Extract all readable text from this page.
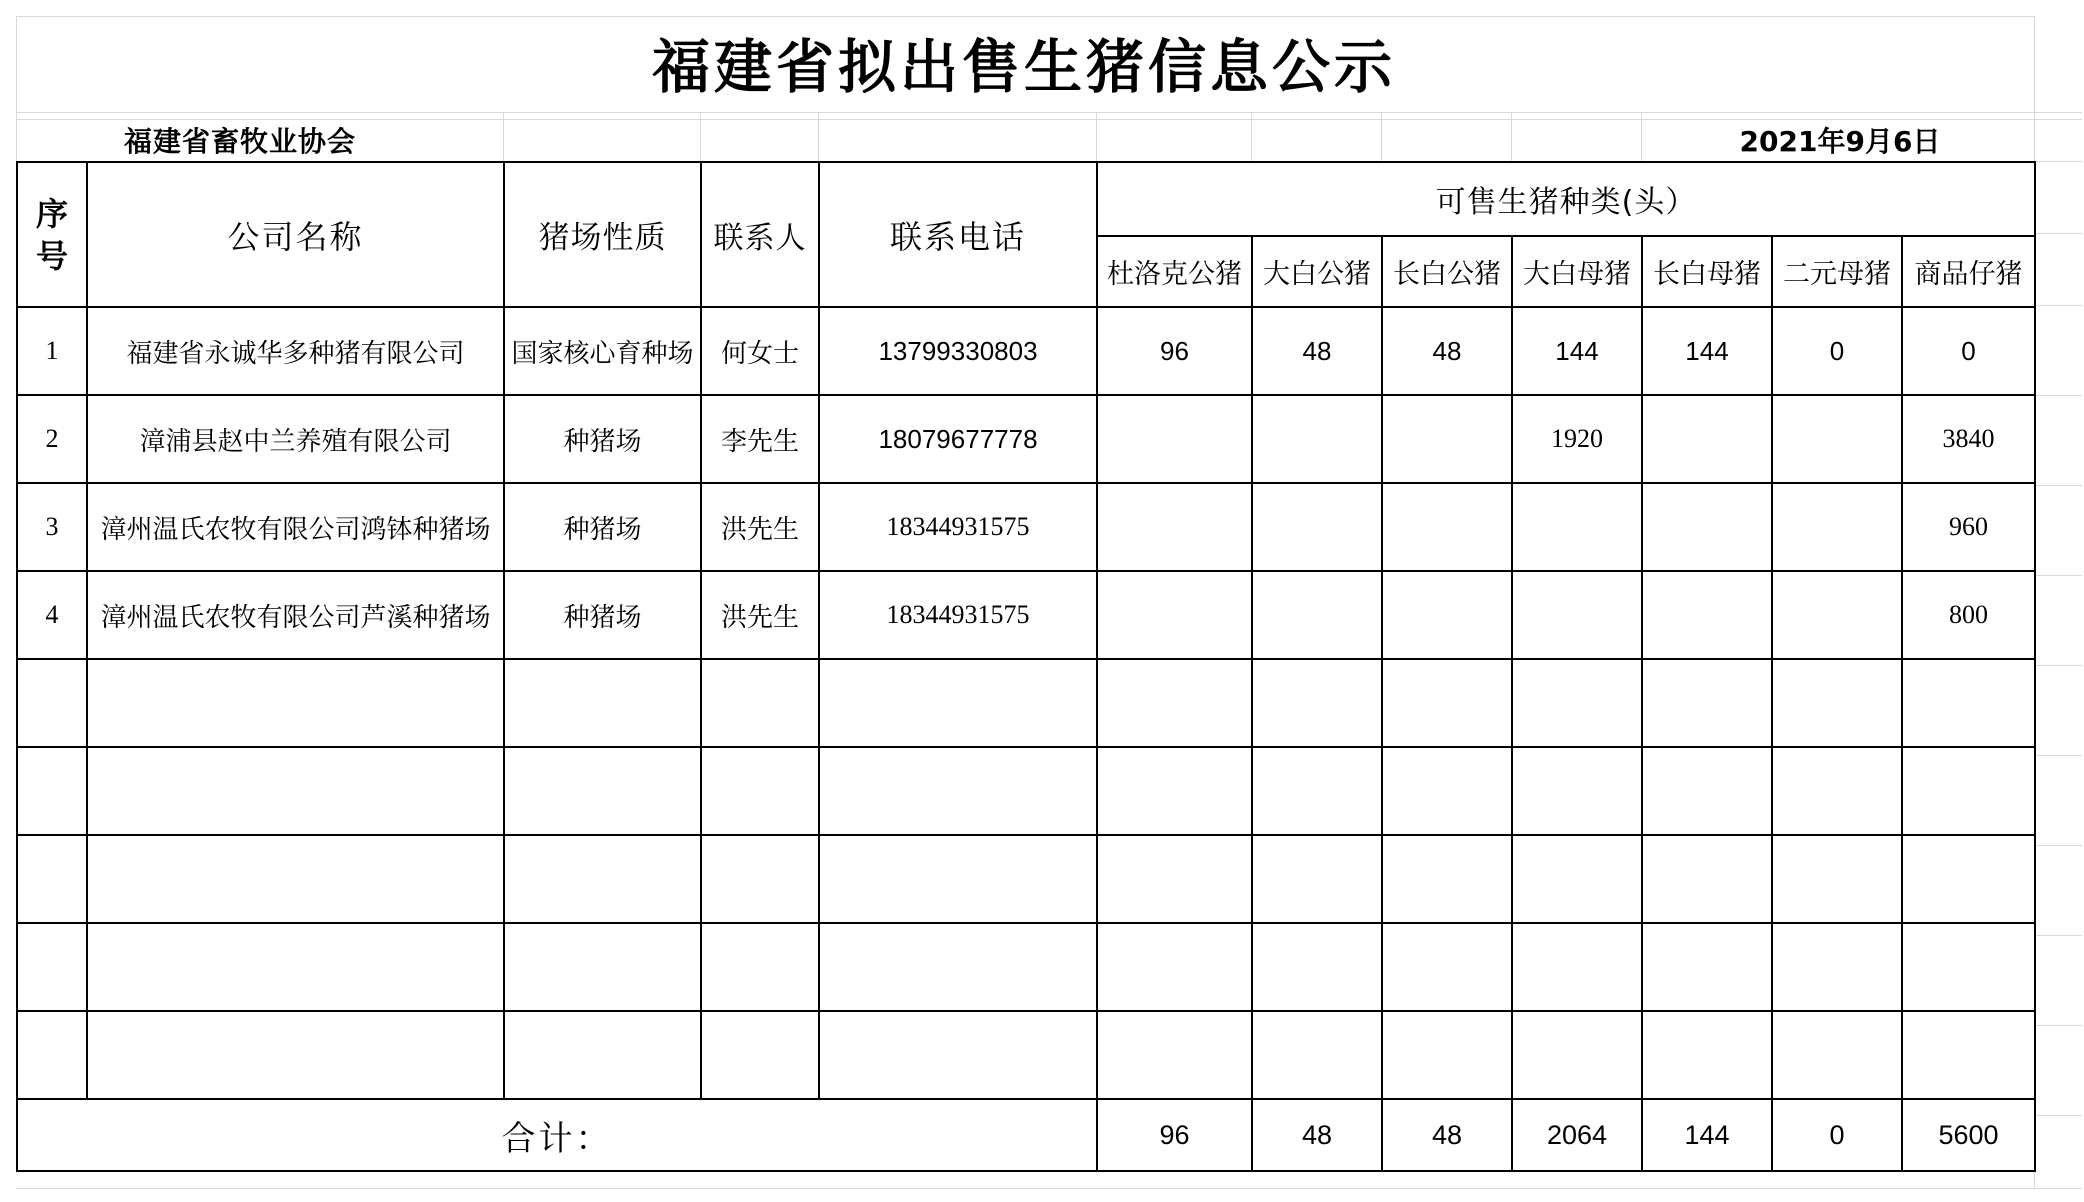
福建省拟出售生猪信息公示
福建省畜牧业协会	2021年9月6日
序号	公司名称	猪场性质	联系人	联系电话	可售生猪种类(头）						
					杜洛克公猪	大白公猪	长白公猪	大白母猪	长白母猪	二元母猪	商品仔猪
1	福建省永诚华多种猪有限公司	国家核心育种场	何女士	13799330803	96	48	48	144	144	0	0
2	漳浦县赵中兰养殖有限公司	种猪场	李先生	18079677778				1920			3840
3	漳州温氏农牧有限公司鸿钵种猪场	种猪场	洪先生	18344931575							960
4	漳州温氏农牧有限公司芦溪种猪场	种猪场	洪先生	18344931575							800

合计：					96	48	48	2064	144	0	5600
